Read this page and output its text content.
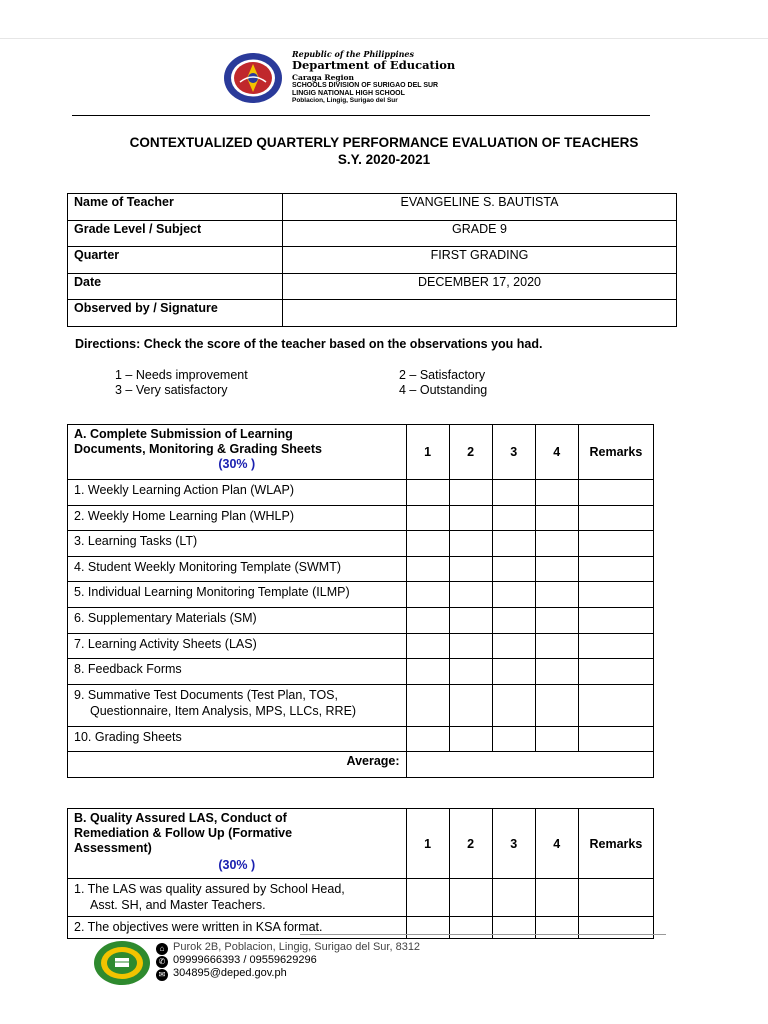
Republic of the Philippines
Department of Education
Caraga Region
SCHOOLS DIVISION OF SURIGAO DEL SUR
LINGIG NATIONAL HIGH SCHOOL
Poblacion, Lingig, Surigao del Sur
CONTEXTUALIZED QUARTERLY PERFORMANCE EVALUATION OF TEACHERS
S.Y. 2020-2021
Name of Teacher	EVANGELINE S. BAUTISTA
Grade Level / Subject	GRADE 9
Quarter	FIRST GRADING
Date	DECEMBER 17, 2020
Observed by / Signature	
Directions: Check the score of the teacher based on the observations you had.
1 – Needs improvement
3 – Very satisfactory
2 – Satisfactory
4 – Outstanding
A. Complete Submission of Learning
Documents, Monitoring & Grading Sheets
(30% )	1	2	3	4	Remarks
1. Weekly Learning Action Plan (WLAP)					
2. Weekly Home Learning Plan (WHLP)					
3. Learning Tasks (LT)					
4. Student Weekly Monitoring Template (SWMT)					
5. Individual Learning Monitoring Template (ILMP)					
6. Supplementary Materials (SM)					
7. Learning Activity Sheets (LAS)					
8. Feedback Forms					
9. Summative Test Documents (Test Plan, TOS,
Questionnaire, Item Analysis, MPS, LLCs, RRE)					

10. Grading Sheets					
Average:					
B. Quality Assured LAS, Conduct of
Remediation & Follow Up (Formative
Assessment)
(30% )	1	2	3	4	Remarks
1. The LAS was quality assured by School Head,
Asst. SH, and Master Teachers.					

2. The objectives were written in KSA format.					
⌂ Purok 2B, Poblacion, Lingig, Surigao del Sur, 8312
✆ 09999666393 / 09559629296
✉ 304895@deped.gov.ph
